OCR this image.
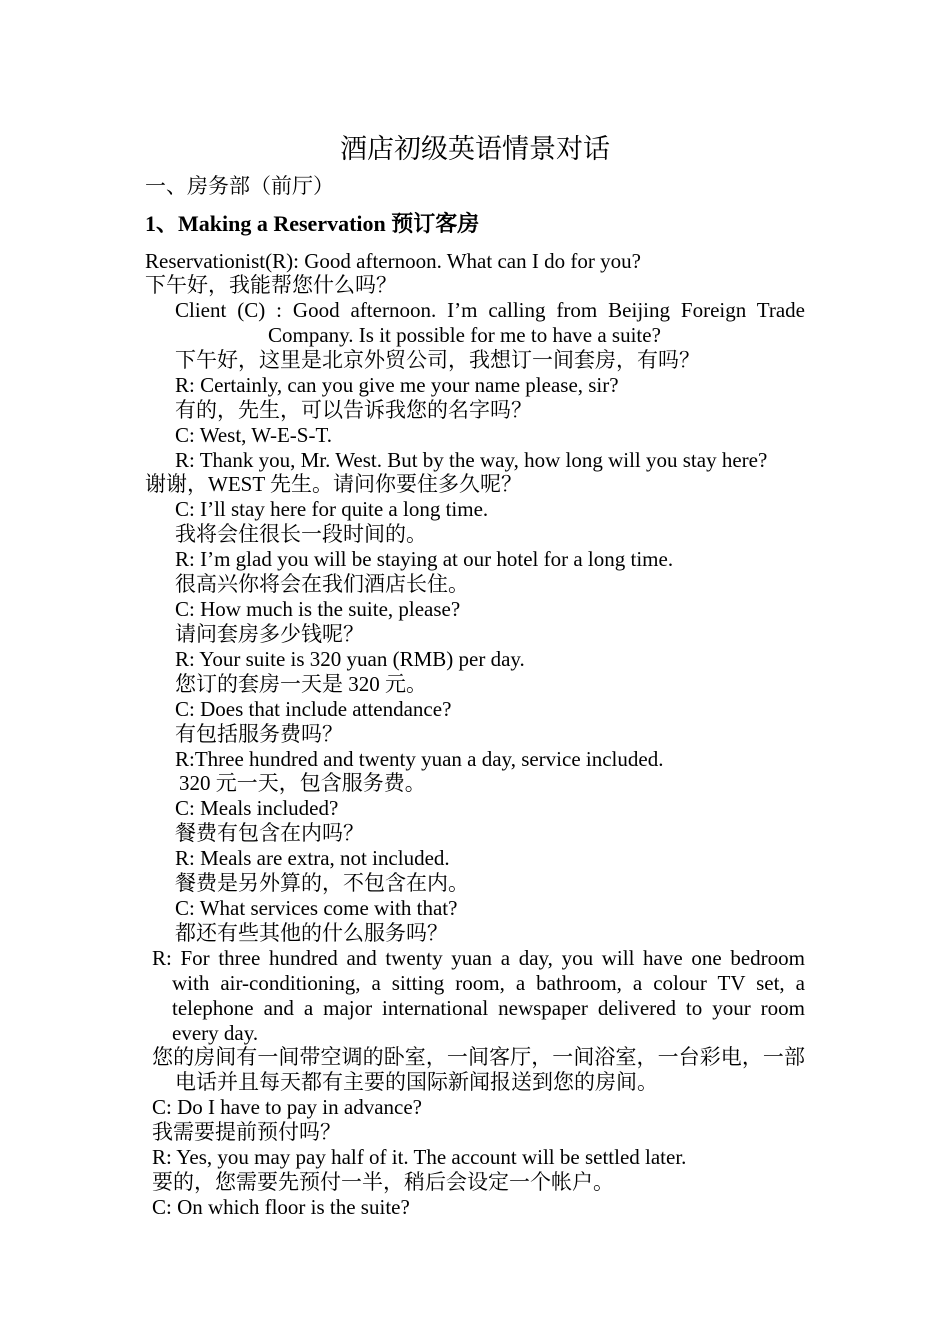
酒店初级英语情景对话
一、房务部（前厅）
1、Making a Reservation 预订客房
Reservationist(R): Good afternoon. What can I do for you?
下午好，我能帮您什么吗？
Client (C) : Good afternoon. I’m calling from Beijing Foreign Trade
Company. Is it possible for me to have a suite?
下午好，这里是北京外贸公司，我想订一间套房，有吗？
R: Certainly, can you give me your name please, sir?
有的，先生，可以告诉我您的名字吗？
C: West, W-E-S-T.
R: Thank you, Mr. West. But by the way, how long will you stay here?
谢谢，WEST 先生。请问你要住多久呢？
C: I’ll stay here for quite a long time.
我将会住很长一段时间的。
R: I’m glad you will be staying at our hotel for a long time.
很高兴你将会在我们酒店长住。
C: How much is the suite, please?
请问套房多少钱呢？
R: Your suite is 320 yuan (RMB) per day.
您订的套房一天是 320 元。
C: Does that include attendance?
有包括服务费吗？
R:Three hundred and twenty yuan a day, service included.
320 元一天，包含服务费。
C: Meals included?
餐费有包含在内吗？
R: Meals are extra, not included.
餐费是另外算的，不包含在内。
C: What services come with that?
都还有些其他的什么服务吗？
R: For three hundred and twenty yuan a day, you will have one bedroom
with air-conditioning, a sitting room, a bathroom, a colour TV set, a
telephone and a major international newspaper delivered to your room
every day.
您的房间有一间带空调的卧室，一间客厅，一间浴室，一台彩电，一部
电话并且每天都有主要的国际新闻报送到您的房间。
C: Do I have to pay in advance?
我需要提前预付吗？
R: Yes, you may pay half of it. The account will be settled later.
要的，您需要先预付一半，稍后会设定一个帐户。
C: On which floor is the suite?
